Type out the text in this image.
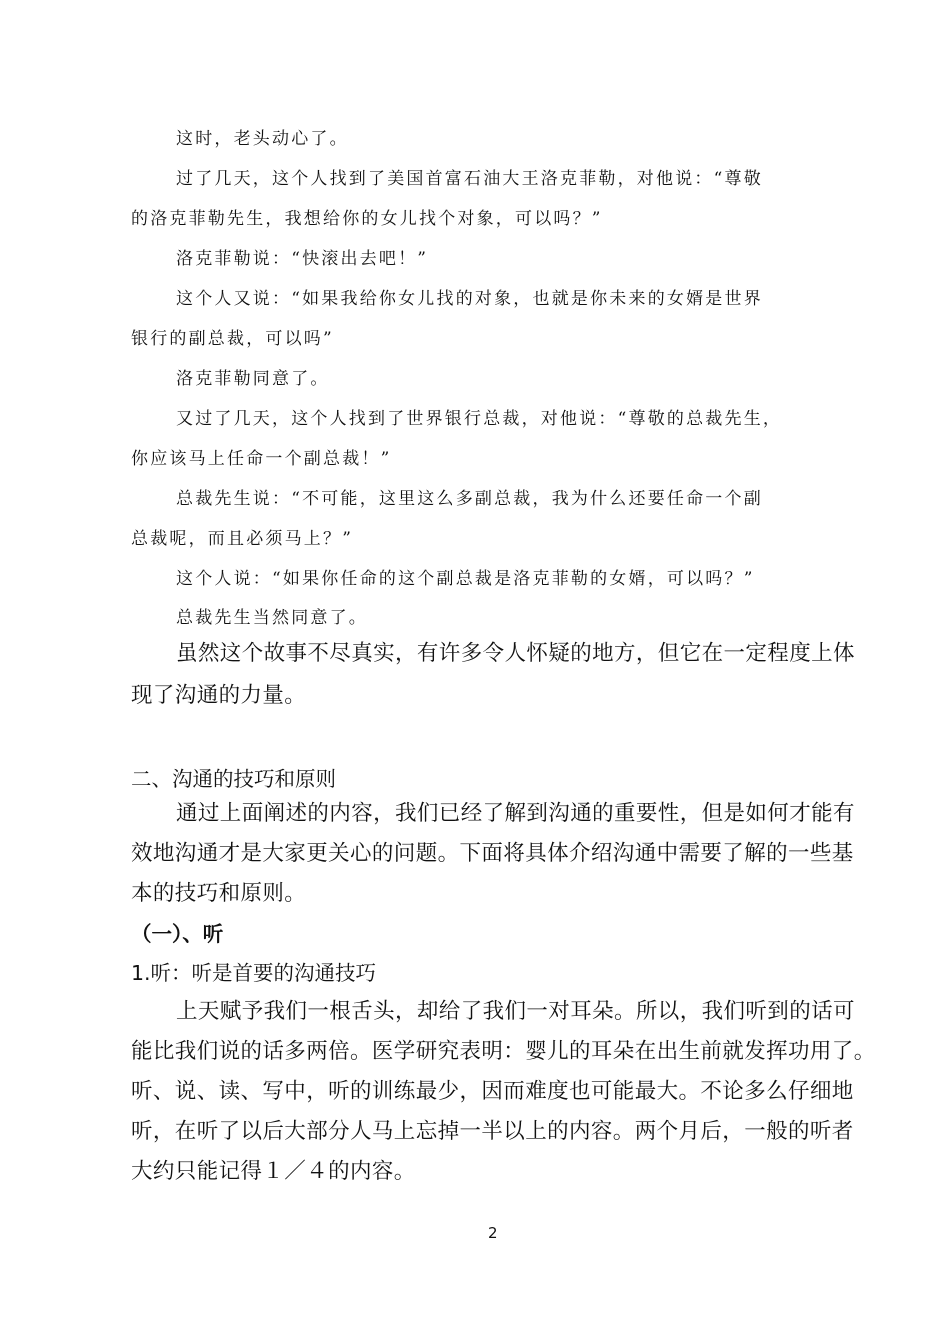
这时，老头动心了。
过了几天，这个人找到了美国首富石油大王洛克菲勒，对他说：“尊敬
的洛克菲勒先生，我想给你的女儿找个对象，可以吗？”
洛克菲勒说：“快滚出去吧！”
这个人又说：“如果我给你女儿找的对象，也就是你未来的女婿是世界
银行的副总裁，可以吗”
洛克菲勒同意了。
又过了几天，这个人找到了世界银行总裁，对他说：“尊敬的总裁先生，
你应该马上任命一个副总裁！”
总裁先生说：“不可能，这里这么多副总裁，我为什么还要任命一个副
总裁呢，而且必须马上？”
这个人说：“如果你任命的这个副总裁是洛克菲勒的女婿，可以吗？”
总裁先生当然同意了。
虽然这个故事不尽真实，有许多令人怀疑的地方，但它在一定程度上体
现了沟通的力量。
二、沟通的技巧和原则
通过上面阐述的内容，我们已经了解到沟通的重要性，但是如何才能有
效地沟通才是大家更关心的问题。下面将具体介绍沟通中需要了解的一些基
本的技巧和原则。
（一）、听
1.听：听是首要的沟通技巧
上天赋予我们一根舌头，却给了我们一对耳朵。所以，我们听到的话可
能比我们说的话多两倍。医学研究表明：婴儿的耳朵在出生前就发挥功用了。
听、说、读、写中，听的训练最少，因而难度也可能最大。不论多么仔细地
听，在听了以后大部分人马上忘掉一半以上的内容。两个月后，一般的听者
大约只能记得１／４的内容。
2
